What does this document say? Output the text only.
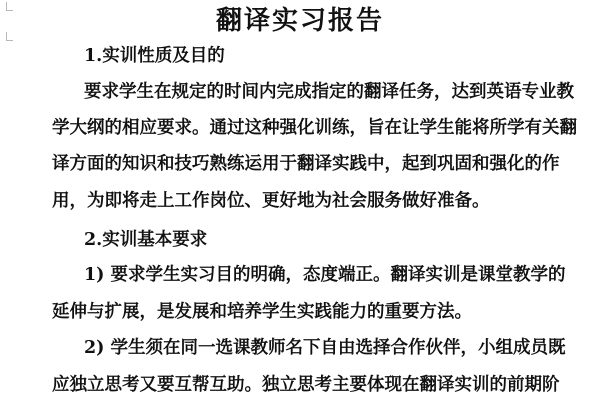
翻译实习报告

1.实训性质及目的

要求学生在规定的时间内完成指定的翻译任务，达到英语专业教

学大纲的相应要求。通过这种强化训练，旨在让学生能将所学有关翻

译方面的知识和技巧熟练运用于翻译实践中，起到巩固和强化的作

用，为即将走上工作岗位、更好地为社会服务做好准备。

2.实训基本要求

1) 要求学生实习目的明确，态度端正。翻译实训是课堂教学的

延伸与扩展，是发展和培养学生实践能力的重要方法。

2) 学生须在同一选课教师名下自由选择合作伙伴，小组成员既

应独立思考又要互帮互助。独立思考主要体现在翻译实训的前期阶
